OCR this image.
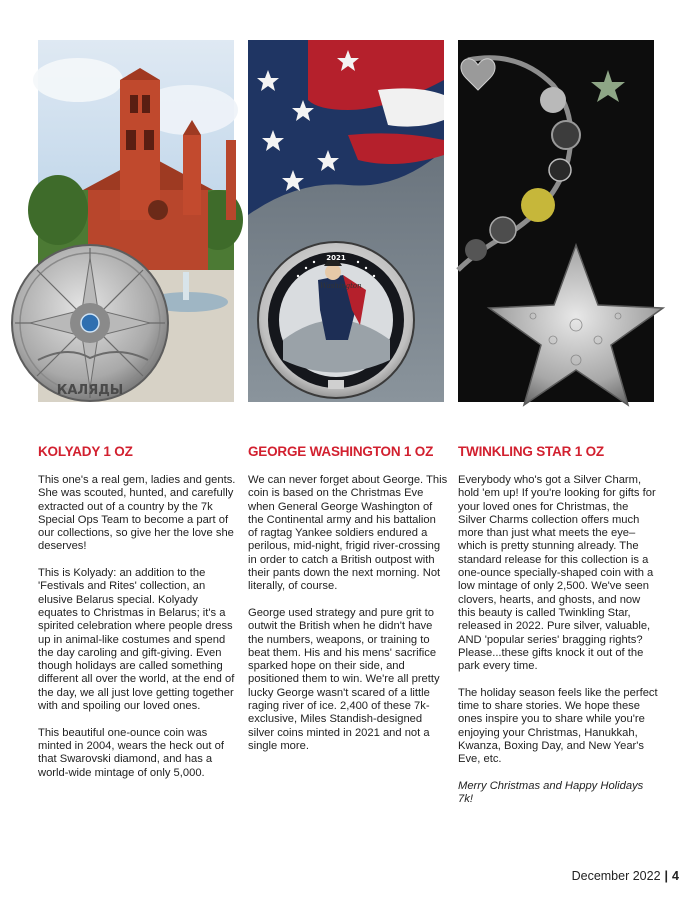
КАЛЯДЫ
KOLYADY 1 OZ

This one's a real gem, ladies and gents. She was scouted, hunted, and carefully extracted out of a country by the 7k Special Ops Team to become a part of our collections, so give her the love she deserves!

This is Kolyady: an addition to the 'Festivals and Rites' collection, an elusive Belarus special. Kolyady equates to Christmas in Belarus; it's a spirited celebration where people dress up in animal-like costumes and spend the day caroling and gift-giving. Even though holidays are called something different all over the world, at the end of the day, we all just love getting together with and spoiling our loved ones.

This beautiful one-ounce coin was minted in 2004, wears the heck out of that Swarovski diamond, and has a world-wide mintage of only 5,000.

Washington
2021
GEORGE WASHINGTON 1 OZ

We can never forget about George. This coin is based on the Christmas Eve when General George Washington of the Continental army and his battalion of ragtag Yankee soldiers endured a perilous, mid-night, frigid river-crossing in order to catch a British outpost with their pants down the next morning. Not literally, of course.

George used strategy and pure grit to outwit the British when he didn't have the numbers, weapons, or training to beat them. His and his mens' sacrifice sparked hope on their side, and positioned them to win. We're all pretty lucky George wasn't scared of a little raging river of ice. 2,400 of these 7k-exclusive, Miles Standish-designed silver coins minted in 2021 and not a single more.

TWINKLING STAR 1 OZ

Everybody who's got a Silver Charm, hold 'em up! If you're looking for gifts for your loved ones for Christmas, the Silver Charms collection offers much more than just what meets the eye–which is pretty stunning already. The standard release for this collection is a one-ounce specially-shaped coin with a low mintage of only 2,500. We've seen clovers, hearts, and ghosts, and now this beauty is called Twinkling Star, released in 2022. Pure silver, valuable, AND 'popular series' bragging rights? Please...these gifts knock it out of the park every time.

The holiday season feels like the perfect time to share stories. We hope these ones inspire you to share while you're enjoying your Christmas, Hanukkah, Kwanza, Boxing Day, and New Year's Eve, etc.

Merry Christmas and Happy Holidays 7k!

December 2022 | 4
